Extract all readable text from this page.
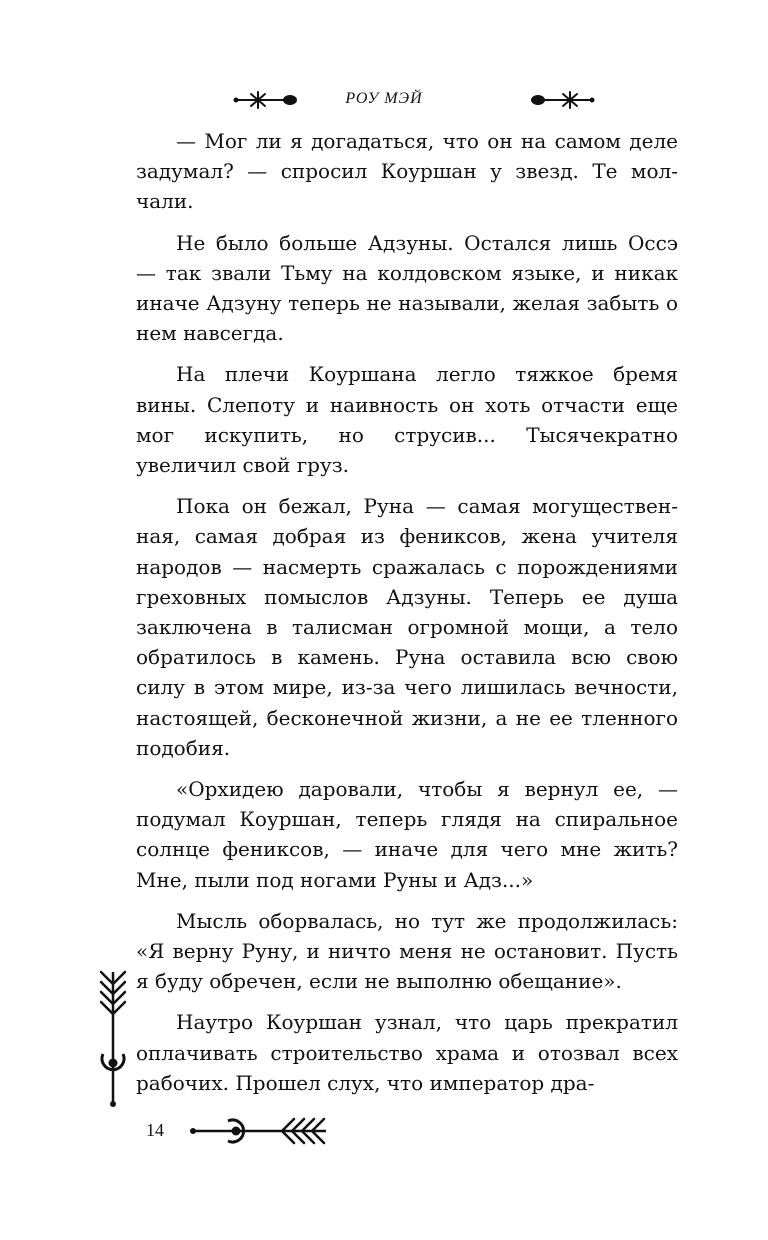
РОУ МЭЙ

— Мог ли я догадаться, что он на самом деле задумал? — спросил Коуршан у звезд. Те молчали.

Не было больше Адзуны. Остался лишь Оссэ — так звали Тьму на колдовском языке, и никак иначе Адзуну теперь не называли, желая забыть о нем навсегда.

На плечи Коуршана легло тяжкое бремя вины. Слепоту и наивность он хоть отчасти еще мог искупить, но струсив... Тысячекратно увеличил свой груз.

Пока он бежал, Руна — самая могущественная, самая добрая из фениксов, жена учителя народов — насмерть сражалась с порождениями греховных помыслов Адзуны. Теперь ее душа заключена в талисман огромной мощи, а тело обратилось в камень. Руна оставила всю свою силу в этом мире, из-за чего лишилась вечности, настоящей, бесконечной жизни, а не ее тленного подобия.

«Орхидею даровали, чтобы я вернул ее, — подумал Коуршан, теперь глядя на спиральное солнце фениксов, — иначе для чего мне жить? Мне, пыли под ногами Руны и Адз...»

Мысль оборвалась, но тут же продолжилась: «Я верну Руну, и ничто меня не остановит. Пусть я буду обречен, если не выполню обещание».

Наутро Коуршан узнал, что царь прекратил оплачивать строительство храма и отозвал всех рабочих. Прошел слух, что император дра-

14
